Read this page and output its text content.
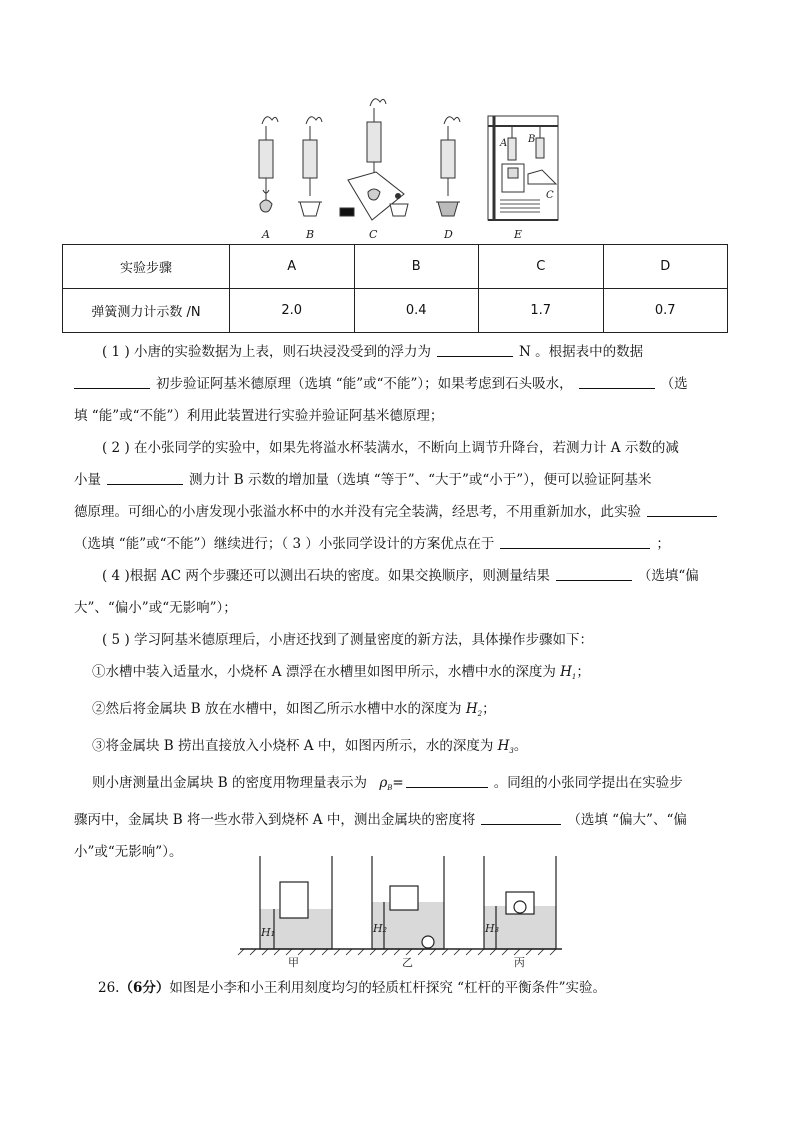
A	B	C	D	E
A B
C
实验步骤	A	B	C	D
弹簧测力计示数 /N	2.0	0.4	1.7	0.7
( 1 ) 小唐的实验数据为上表，则石块浸没受到的浮力为	N 。根据表中的数据
初步验证阿基米德原理（选填 “能”或“不能”）；如果考虑到石头吸水，	（选
填 “能”或“不能”）利用此装置进行实验并验证阿基米德原理；
( 2 ) 在小张同学的实验中，如果先将溢水杯装满水，不断向上调节升降台，若测力计 A 示数的减
小量	测力计 B 示数的增加量（选填 “等于”、“大于”或“小于”），便可以验证阿基米
德原理。可细心的小唐发现小张溢水杯中的水并没有完全装满，经思考，不用重新加水，此实验
（选填 “能”或“不能”）继续进行；（ 3 ）小张同学设计的方案优点在于	；
( 4 )根据 AC 两个步骤还可以测出石块的密度。如果交换顺序，则测量结果	（选填“偏
大”、“偏小”或“无影响”）；
( 5 ) 学习阿基米德原理后，小唐还找到了测量密度的新方法，具体操作步骤如下：
①水槽中装入适量水，小烧杯 A 漂浮在水槽里如图甲所示，水槽中水的深度为 $H_1$；
②然后将金属块 B 放在水槽中，如图乙所示水槽中水的深度为 $H_2$；
③将金属块 B 捞出直接放入小烧杯 A 中，如图丙所示，水的深度为 $H_3$。
则小唐测量出金属块 B 的密度用物理量表示为 $\rho_B=$	。同组的小张同学提出在实验步
骤丙中，金属块 B 将一些水带入到烧杯 A 中，测出金属块的密度将	（选填 “偏大”、“偏
小”或“无影响”）。
H₁	H₂	H₃
甲	乙	丙
26.（6分）如图是小李和小王利用刻度均匀的轻质杠杆探究 “杠杆的平衡条件”实验。
